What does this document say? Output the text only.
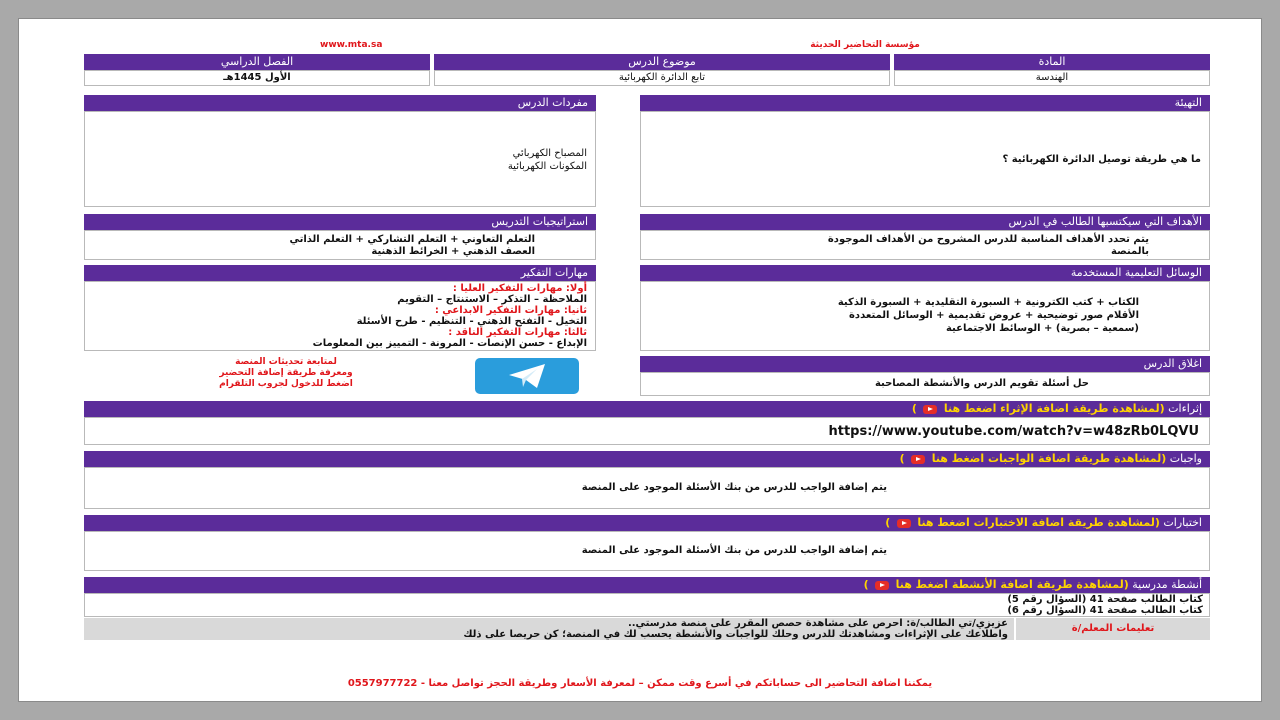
www.mta.sa	مؤسسة التحاضير الحديثة
الفصل الدراسي	موضوع الدرس	المادة
الأول 1445هـ	تابع الدائرة الكهربائية	الهندسة
مفردات الدرس
المصباح الكهربائي
المكونات الكهربائية
التهيئة
ما هي طريقة توصيل الدائرة الكهربائية ؟
استراتيجيات التدريس
التعلم التعاوني + التعلم التشاركي + التعلم الذاتي
العصف الذهني + الخرائط الذهنية
الأهداف التي سيكتسبها الطالب في الدرس
يتم تحدد الأهداف المناسبة للدرس المشروح من الأهداف الموجودة
بالمنصة
مهارات التفكير
أولا: مهارات التفكير العليا :
الملاحظة – التذكر – الاستنتاج – التقويم
ثانيا: مهارات التفكير الابداعي :
التخيل - التفتح الذهني - التنظيم - طرح الأسئلة
ثالثا: مهارات التفكير الناقد :
الإبداع - حسن الإنصات - المرونة - التمييز بين المعلومات
الوسائل التعليمية المستخدمة
الكتاب + كتب الكترونية + السبورة التقليدية + السبورة الذكية
الأقلام صور توضيحية + عروض تقديمية + الوسائل المتعددة
(سمعية – بصرية) + الوسائط الاجتماعية
لمتابعة تحديثات المنصة
ومعرفة طريقة إضافة التحضير
اضغط للدخول لجروب التلقرام
اغلاق الدرس
حل أسئلة تقويم الدرس والأنشطة المصاحبة
إثراءات (لمشاهدة طريقة اضافة الإثراء اضغط هنا  )
https://www.youtube.com/watch?v=w48zRb0LQVU
واجبات (لمشاهدة طريقة اضافة الواجبات اضغط هنا  )
يتم إضافة الواجب للدرس من بنك الأسئلة الموجود على المنصة
اختبارات (لمشاهدة طريقة اضافة الاختبارات اضغط هنا  )
يتم إضافة الواجب للدرس من بنك الأسئلة الموجود على المنصة
أنشطة مدرسية (لمشاهدة طريقة اضافة الأنشطة اضغط هنا  )
كتاب الطالب صفحة 41 (السؤال رقم 5)
كتاب الطالب صفحة 41 (السؤال رقم 6)
تعليمات المعلم/ة
عزيزي/تي الطالب/ة: احرص على مشاهدة حصص المقرر على منصة مدرستي..
واطلاعك على الإثراءات ومشاهدتك للدرس وحلك للواجبات والأنشطة يحسب لك في المنصة؛ كن حريصا على ذلك
يمكننا اضافة التحاضير الى حساباتكم في أسرع وقت ممكن – لمعرفة الأسعار وطريقة الحجز تواصل معنا - 0557977722
